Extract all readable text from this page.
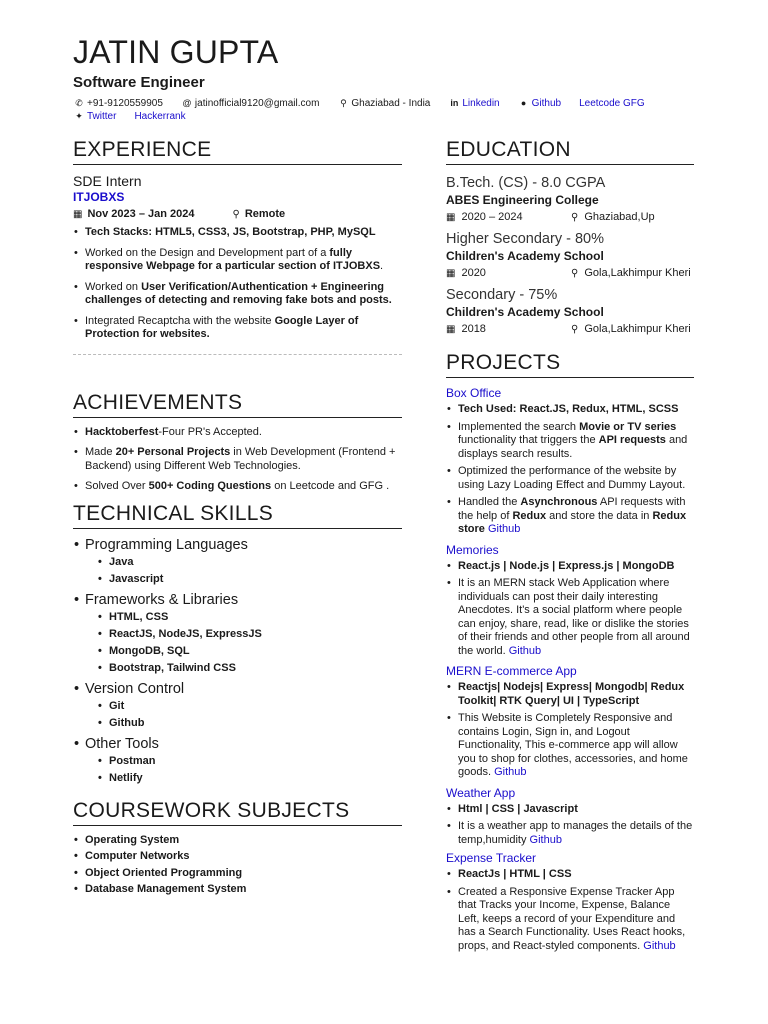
JATIN GUPTA
Software Engineer
✆ +91-9120559905 @ jatinofficial9120@gmail.com	⚲ Ghaziabad - India in Linkedin	● Github Leetcode GFG
✦ Twitter Hackerrank
EXPERIENCE
SDE Intern
ITJOBXS
▦ Nov 2023 – Jan 2024	⚲ Remote
• Tech Stacks: HTML5, CSS3, JS, Bootstrap, PHP, MySQL
• Worked on the Design and Development part of a fully responsive Webpage for a particular section of ITJOBXS.
• Worked on User Verification/Authentication + Engineering challenges of detecting and removing fake bots and posts.
• Integrated Recaptcha with the website Google Layer of Protection for websites.
ACHIEVEMENTS
• Hacktoberfest-Four PR's Accepted.
• Made 20+ Personal Projects in Web Development (Frontend + Backend) using Different Web Technologies.
• Solved Over 500+ Coding Questions on Leetcode and GFG .
TECHNICAL SKILLS
• Programming Languages
• Java
• Javascript
• Frameworks & Libraries
• HTML, CSS
• ReactJS, NodeJS, ExpressJS
• MongoDB, SQL
• Bootstrap, Tailwind CSS
• Version Control
• Git
• Github
• Other Tools
• Postman
• Netlify
COURSEWORK SUBJECTS
• Operating System
• Computer Networks
• Object Oriented Programming
• Database Management System
EDUCATION
B.Tech. (CS) - 8.0 CGPA
ABES Engineering College
▦ 2020 – 2024	⚲ Ghaziabad,Up
Higher Secondary - 80%
Children's Academy School
▦ 2020	⚲ Gola,Lakhimpur Kheri
Secondary - 75%
Children's Academy School
▦ 2018	⚲ Gola,Lakhimpur Kheri
PROJECTS
Box Office
• Tech Used: React.JS, Redux, HTML, SCSS
• Implemented the search Movie or TV series functionality that triggers the API requests and displays search results.
• Optimized the performance of the website by using Lazy Loading Effect and Dummy Layout.
• Handled the Asynchronous API requests with the help of Redux and store the data in Redux store Github
Memories
• React.js | Node.js | Express.js | MongoDB
• It is an MERN stack Web Application where individuals can post their daily interesting Anecdotes. It's a social platform where people can enjoy, share, read, like or dislike the stories of their friends and other people from all around the world. Github
MERN E-commerce App
• Reactjs| Nodejs| Express| Mongodb| Redux Toolkit| RTK Query| UI | TypeScript
• This Website is Completely Responsive and contains Login, Sign in, and Logout Functionality, This e-commerce app will allow you to shop for clothes, accessories, and home goods. Github
Weather App
• Html | CSS | Javascript
• It is a weather app to manages the details of the temp,humidity Github
Expense Tracker
• ReactJs | HTML | CSS
• Created a Responsive Expense Tracker App that Tracks your Income, Expense, Balance Left, keeps a record of your Expenditure and has a Search Functionality. Uses React hooks, props, and React-styled components. Github
